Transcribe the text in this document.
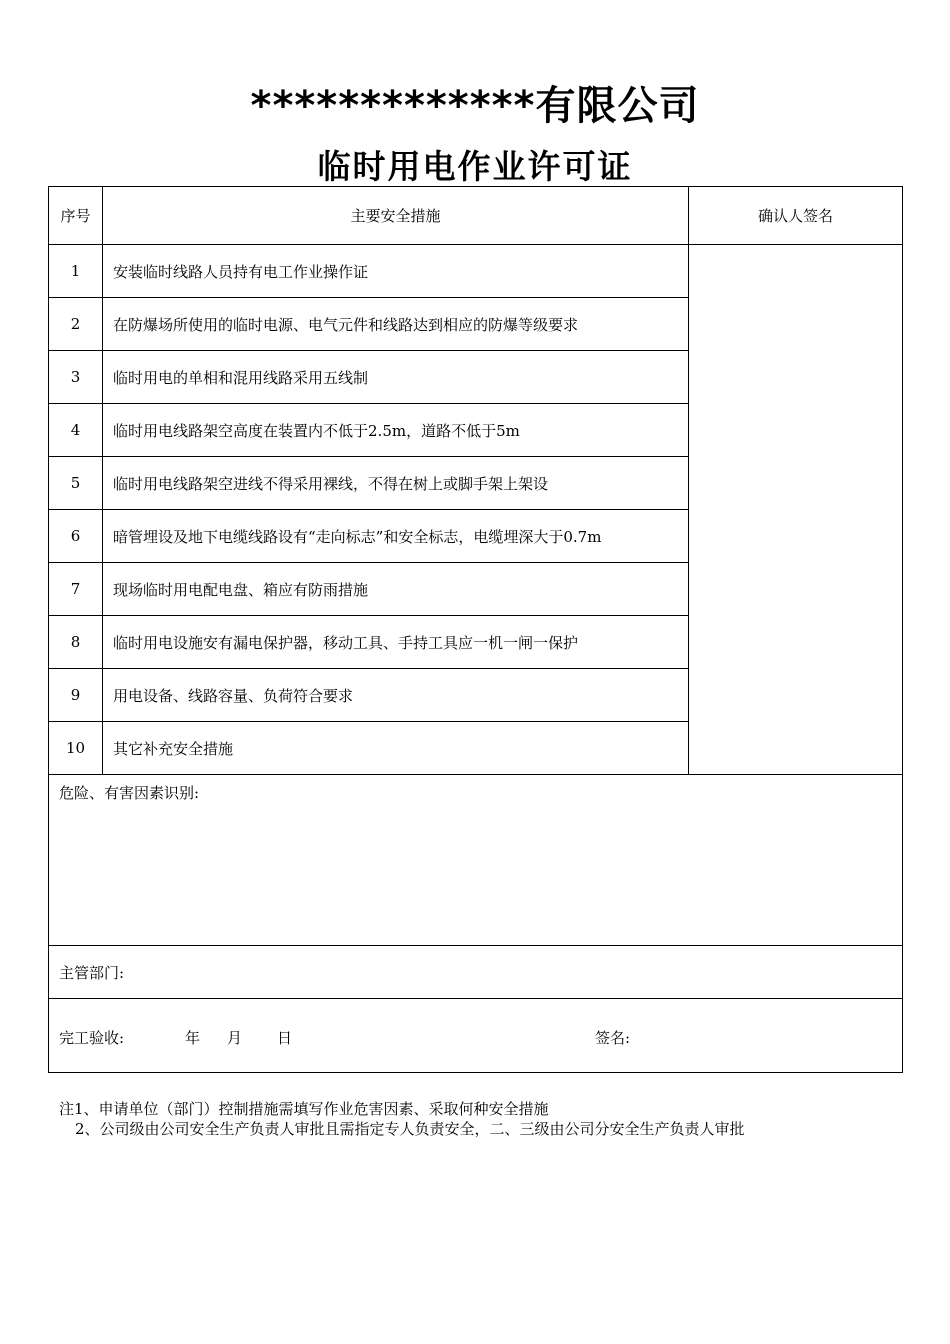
*************有限公司
临时用电作业许可证
序号	主要安全措施	确认人签名
1	安装临时线路人员持有电工作业操作证	
2	在防爆场所使用的临时电源、电气元件和线路达到相应的防爆等级要求	
3	临时用电的单相和混用线路采用五线制	
4	临时用电线路架空高度在装置内不低于2.5m，道路不低于5m	
5	临时用电线路架空进线不得采用裸线，不得在树上或脚手架上架设	
6	暗管埋设及地下电缆线路设有“走向标志”和安全标志，电缆埋深大于0.7m	
7	现场临时用电配电盘、箱应有防雨措施	
8	临时用电设施安有漏电保护器，移动工具、手持工具应一机一闸一保护	
9	用电设备、线路容量、负荷符合要求	
10	其它补充安全措施	
危险、有害因素识别:		
主管部门:		

完工验收: 年 月 日 签名:		
注1、申请单位（部门）控制措施需填写作业危害因素、采取何种安全措施
2、公司级由公司安全生产负责人审批且需指定专人负责安全，二、三级由公司分安全生产负责人审批
